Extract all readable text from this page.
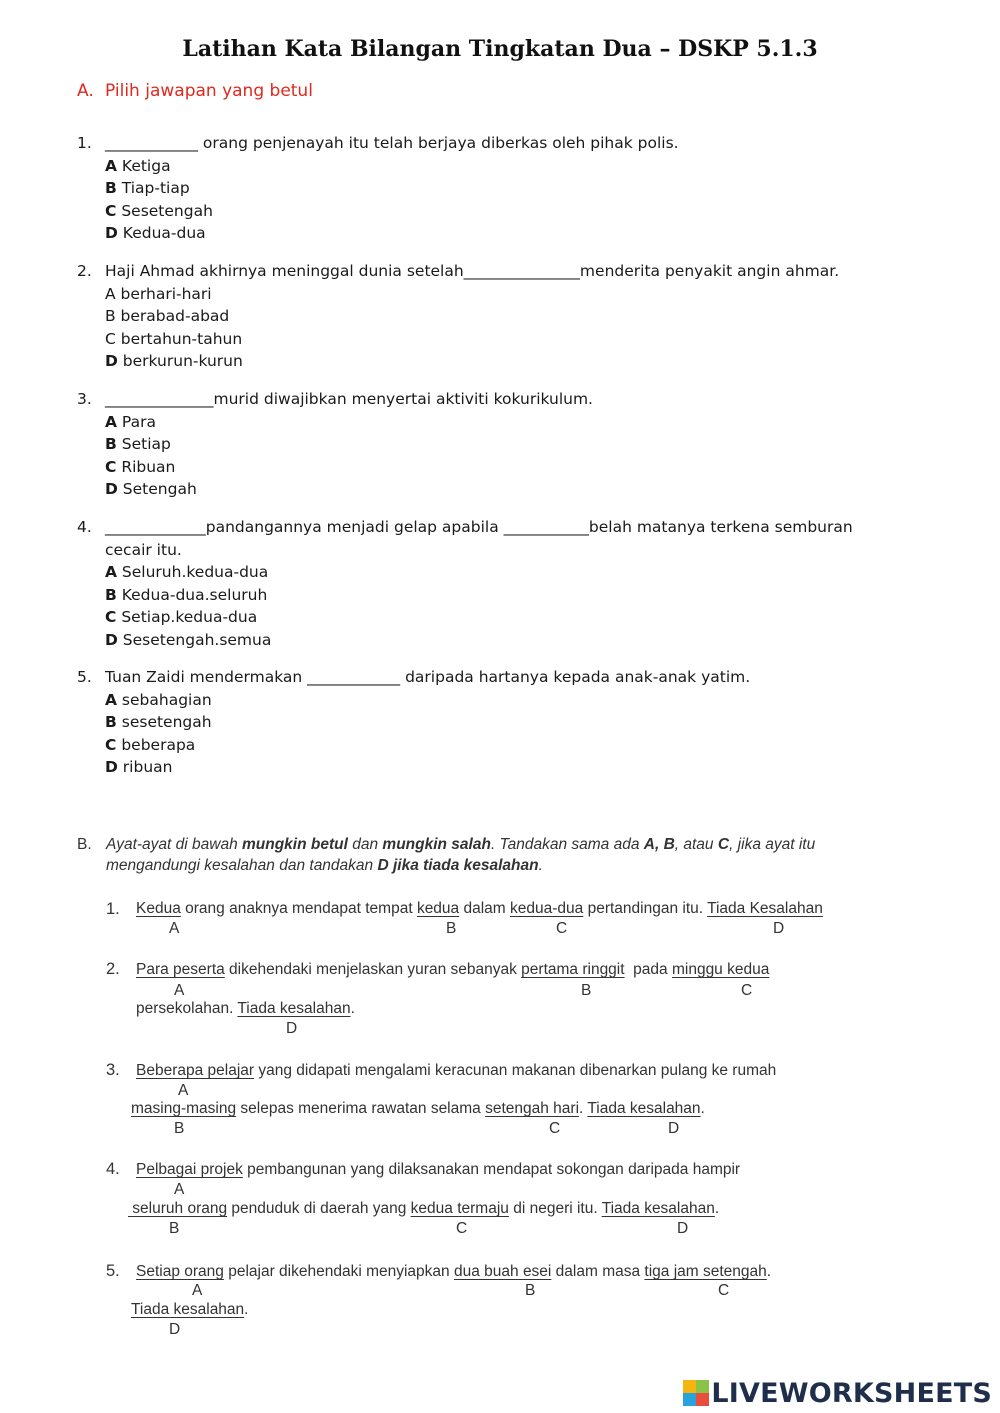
Latihan Kata Bilangan Tingkatan Dua – DSKP 5.1.3
A. Pilih jawapan yang betul
1. ____________ orang penjenayah itu telah berjaya diberkas oleh pihak polis.
A Ketiga
B Tiap-tiap
C Sesetengah
D Kedua-dua
2. Haji Ahmad akhirnya meninggal dunia setelah_______________menderita penyakit angin ahmar.
A berhari-hari
B berabad-abad
C bertahun-tahun
D berkurun-kurun
3. ______________murid diwajibkan menyertai aktiviti kokurikulum.
A Para
B Setiap
C Ribuan
D Setengah
4. _____________pandangannya menjadi gelap apabila ___________belah matanya terkena semburan cecair itu.
A Seluruh.kedua-dua
B Kedua-dua.seluruh
C Setiap.kedua-dua
D Sesetengah.semua
5. Tuan Zaidi mendermakan ____________ daripada hartanya kepada anak-anak yatim.
A sebahagian
B sesetengah
C beberapa
D ribuan
B. Ayat-ayat di bawah mungkin betul dan mungkin salah. Tandakan sama ada A, B, atau C, jika ayat itu mengandungi kesalahan dan tandakan D jika tiada kesalahan.
1. Kedua orang anaknya mendapat tempat kedua dalam kedua-dua pertandingan itu. Tiada Kesalahan
A	B	C	D
2. Para peserta dikehendaki menjelaskan yuran sebanyak pertama ringgit  pada minggu kedua
A	B	C
persekolahan. Tiada kesalahan.
D
3. Beberapa pelajar yang didapati mengalami keracunan makanan dibenarkan pulang ke rumah
A
masing-masing selepas menerima rawatan selama setengah hari. Tiada kesalahan.
B	C	D
4. Pelbagai projek pembangunan yang dilaksanakan mendapat sokongan daripada hampir
A
seluruh orang penduduk di daerah yang kedua termaju di negeri itu. Tiada kesalahan.
B	C	D
5. Setiap orang pelajar dikehendaki menyiapkan dua buah esei dalam masa tiga jam setengah.
A	B	C
Tiada kesalahan.
D
LIVEWORKSHEETS
